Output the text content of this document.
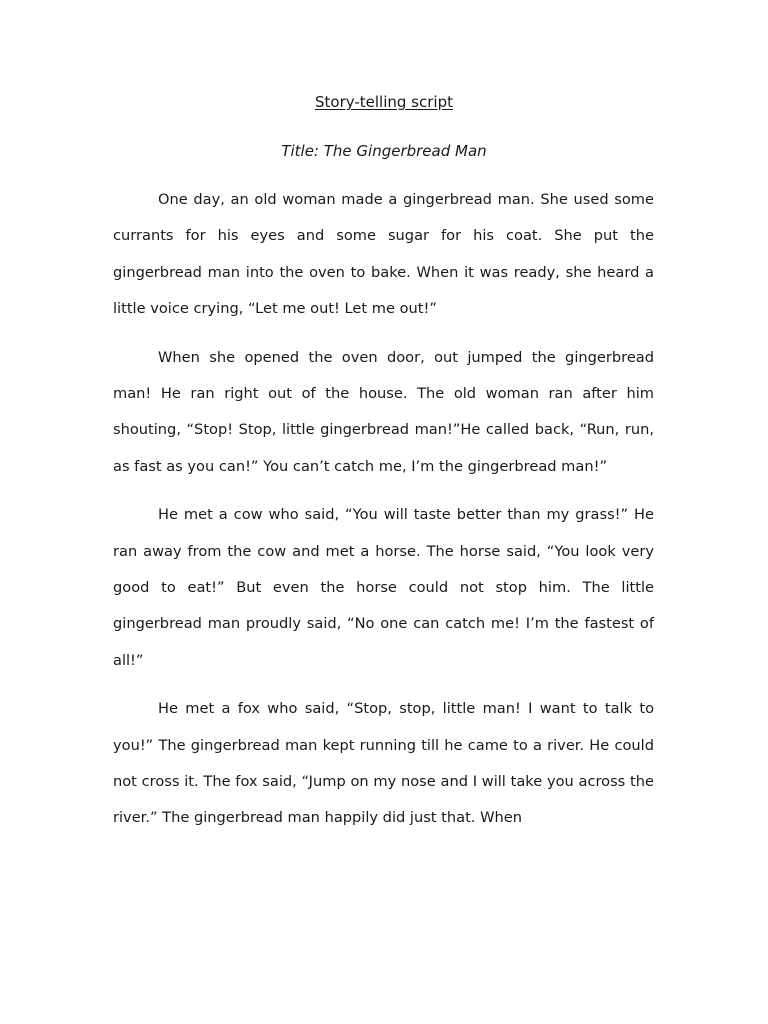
Story-telling script
Title: The Gingerbread Man

One day, an old woman made a gingerbread man. She used some currants for his eyes and some sugar for his coat. She put the gingerbread man into the oven to bake. When it was ready, she heard a little voice crying, “Let me out! Let me out!”

When she opened the oven door, out jumped the gingerbread man! He ran right out of the house. The old woman ran after him shouting, “Stop! Stop, little gingerbread man!”He called back, “Run, run, as fast as you can!” You can’t catch me, I’m the gingerbread man!”

He met a cow who said, “You will taste better than my grass!” He ran away from the cow and met a horse. The horse said, “You look very good to eat!” But even the horse could not stop him. The little gingerbread man proudly said, “No one can catch me! I’m the fastest of all!”

He met a fox who said, “Stop, stop, little man! I want to talk to you!” The gingerbread man kept running till he came to a river. He could not cross it. The fox said, “Jump on my nose and I will take you across the river.” The gingerbread man happily did just that. When
